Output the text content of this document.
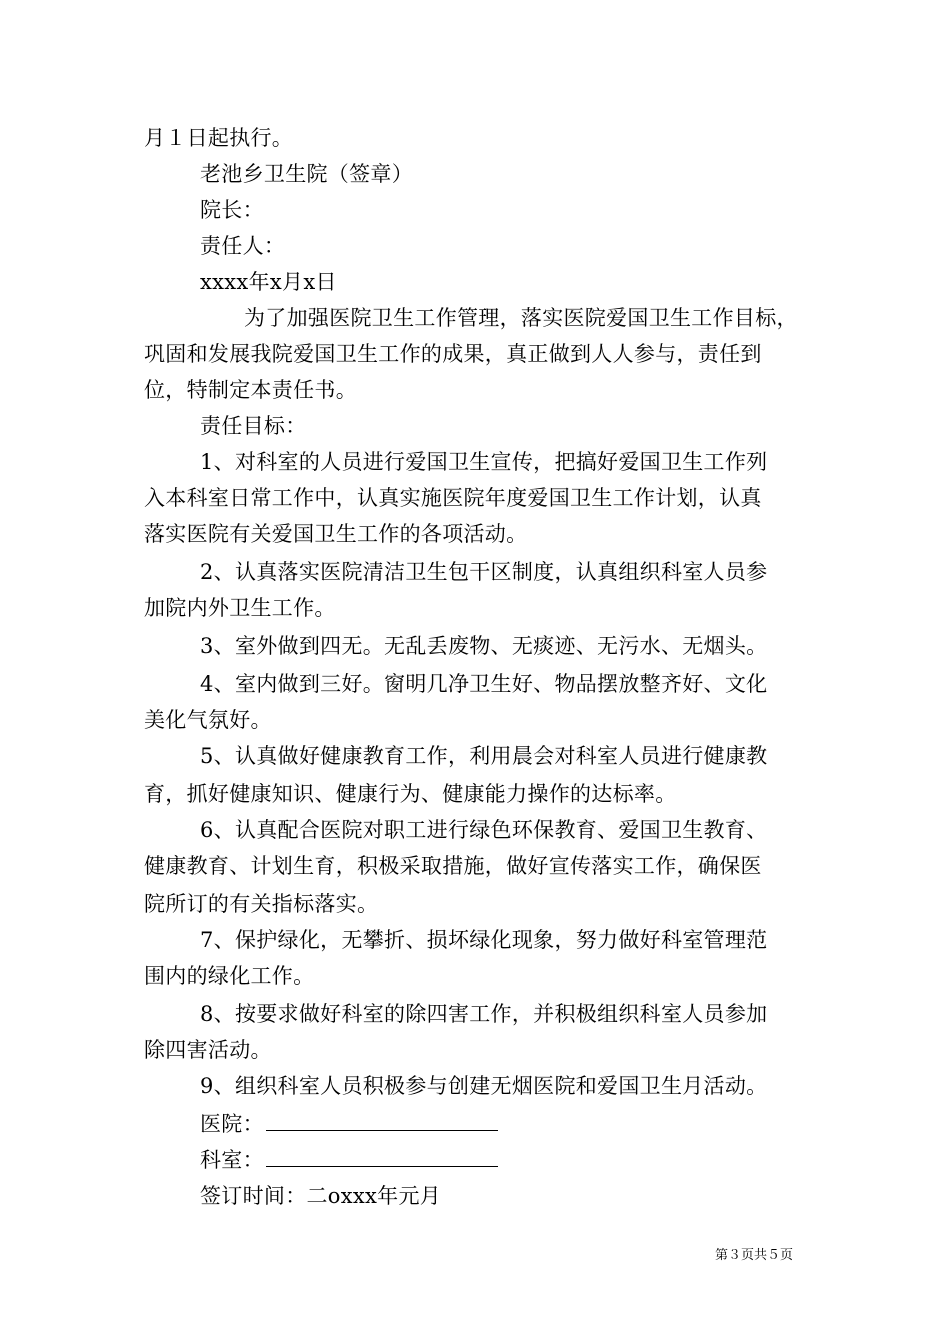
月１日起执行。
老池乡卫生院（签章）
院长：
责任人：
xxxx年x月x日
为了加强医院卫生工作管理，落实医院爱国卫生工作目标，
巩固和发展我院爱国卫生工作的成果，真正做到人人参与，责任到
位，特制定本责任书。
责任目标：
1、对科室的人员进行爱国卫生宣传，把搞好爱国卫生工作列
入本科室日常工作中，认真实施医院年度爱国卫生工作计划，认真
落实医院有关爱国卫生工作的各项活动。
2、认真落实医院清洁卫生包干区制度，认真组织科室人员参
加院内外卫生工作。
3、室外做到四无。无乱丢废物、无痰迹、无污水、无烟头。
4、室内做到三好。窗明几净卫生好、物品摆放整齐好、文化
美化气氛好。
5、认真做好健康教育工作，利用晨会对科室人员进行健康教
育，抓好健康知识、健康行为、健康能力操作的达标率。
6、认真配合医院对职工进行绿色环保教育、爱国卫生教育、
健康教育、计划生育，积极采取措施，做好宣传落实工作，确保医
院所订的有关指标落实。
7、保护绿化，无攀折、损坏绿化现象，努力做好科室管理范
围内的绿化工作。
8、按要求做好科室的除四害工作，并积极组织科室人员参加
除四害活动。
9、组织科室人员积极参与创建无烟医院和爱国卫生月活动。
医院：
科室：
签订时间：二oxxx年元月
第３页共５页
